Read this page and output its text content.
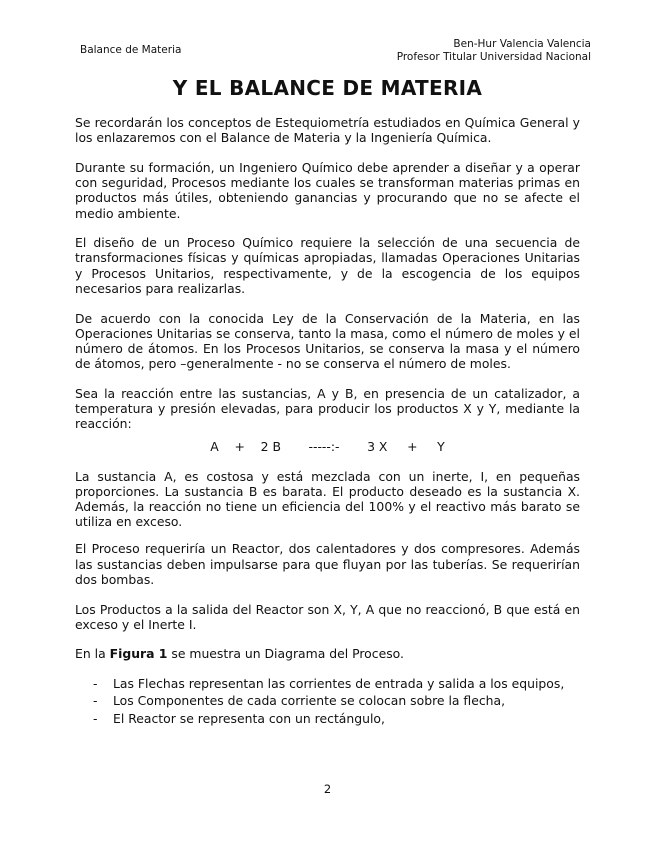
Balance de Materia	Ben-Hur Valencia Valencia
Profesor Titular Universidad Nacional
Y EL BALANCE DE MATERIA

Se recordarán los conceptos de Estequiometría estudiados en Química General y los enlazaremos con el Balance de Materia y la Ingeniería Química.

Durante su formación, un Ingeniero Químico debe aprender a diseñar y a operar con seguridad, Procesos mediante los cuales se transforman materias primas en productos más útiles, obteniendo ganancias y procurando que no se afecte el medio ambiente.

El diseño de un Proceso Químico requiere la selección de una secuencia de transformaciones físicas y químicas apropiadas, llamadas Operaciones Unitarias y Procesos Unitarios, respectivamente, y de la escogencia de los equipos necesarios para realizarlas.

De acuerdo con la conocida Ley de la Conservación de la Materia, en las Operaciones Unitarias se conserva, tanto la masa, como el número de moles y el número de átomos. En los Procesos Unitarios, se conserva la masa y el número de átomos, pero –generalmente - no se conserva el número de moles.

Sea la reacción entre las sustancias, A y B, en presencia de un catalizador, a temperatura y presión elevadas, para producir los productos X y Y, mediante la reacción:

A    +    2 B       -----:-       3 X     +     Y

La sustancia A, es costosa y está mezclada con un inerte, I, en pequeñas proporciones. La sustancia B es barata. El producto deseado es la sustancia X. Además, la reacción no tiene un eficiencia del 100% y el reactivo más barato se utiliza en exceso.

El Proceso requeriría un Reactor, dos calentadores y dos compresores. Además las sustancias deben impulsarse para que fluyan por las tuberías. Se requerirían dos bombas.

Los Productos a la salida del Reactor son X, Y, A que no reaccionó, B que está en exceso y el Inerte I.

En la Figura 1 se muestra un Diagrama del Proceso.

- Las Flechas representan las corrientes de entrada y salida a los equipos,
- Los Componentes de cada corriente se colocan sobre la flecha,
- El Reactor se representa con un rectángulo,
2
